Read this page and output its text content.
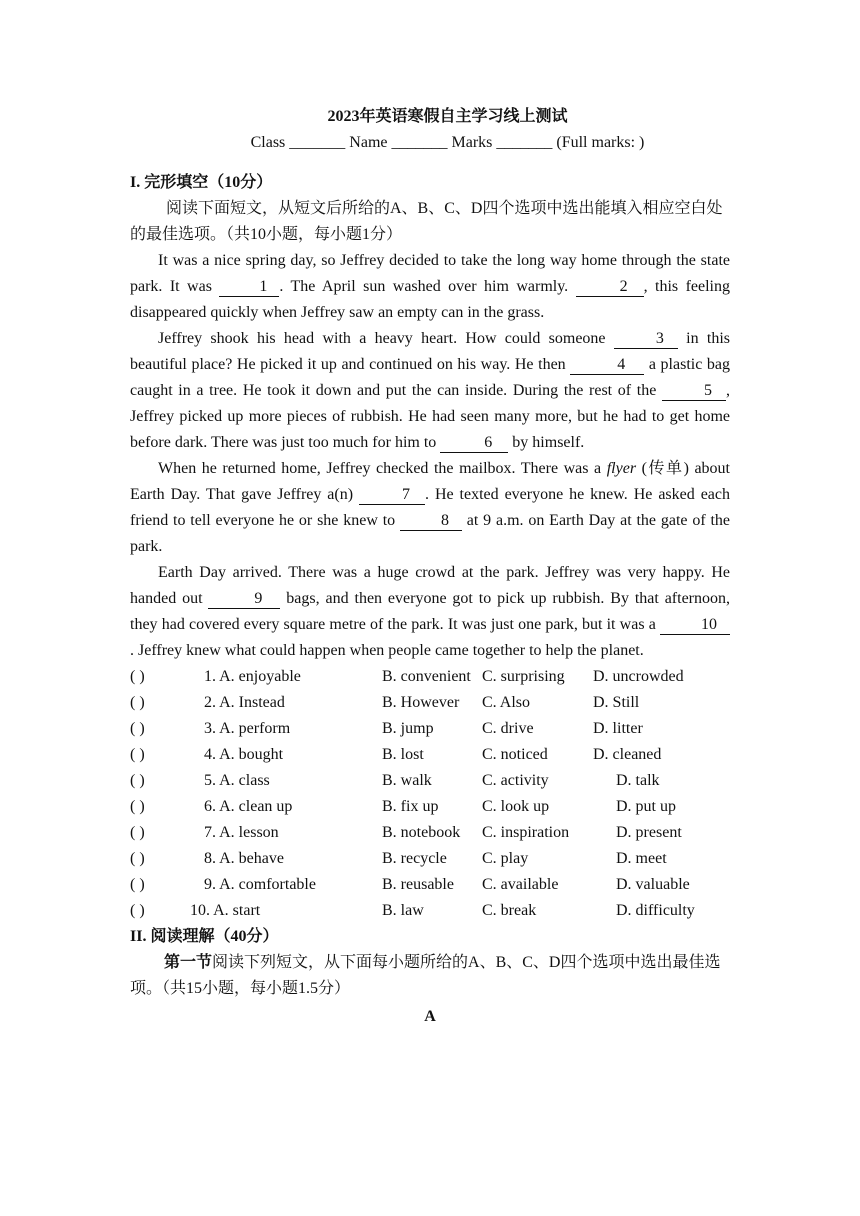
2023年英语寒假自主学习线上测试
Class _______ Name _______ Marks _______ (Full marks: )
I. 完形填空（10分）

阅读下面短文，从短文后所给的A、B、C、D四个选项中选出能填入相应空白处的最佳选项。（共10小题，每小题1分）

It was a nice spring day, so Jeffrey decided to take the long way home through the state park. It was	1 . The April sun washed over him warmly.	2 , this feeling disappeared quickly when Jeffrey saw an empty can in the grass.

Jeffrey shook his head with a heavy heart. How could someone	3 in this beautiful place? He picked it up and continued on his way. He then	4 a plastic bag caught in a tree. He took it down and put the can inside. During the rest of the	5 , Jeffrey picked up more pieces of rubbish. He had seen many more, but he had to get home before dark. There was just too much for him to	6 by himself.

When he returned home, Jeffrey checked the mailbox. There was a flyer (传单) about Earth Day. That gave Jeffrey a(n)	7 . He texted everyone he knew. He asked each friend to tell everyone he or she knew to	8 at 9 a.m. on Earth Day at the gate of the park.

Earth Day arrived. There was a huge crowd at the park. Jeffrey was very happy. He handed out	9 bags, and then everyone got to pick up rubbish. By that afternoon, they had covered every square metre of the park. It was just one park, but it was a	10. Jeffrey knew what could happen when people came together to help the planet.

( )	1. A. enjoyable	B. convenient C. surprising	D. uncrowded
( )	2. A. Instead	B. However	C. Also	D. Still
( )	3. A. perform	B. jump	C. drive	D. litter
( )	4. A. bought	B. lost	C. noticed	D. cleaned
( )	5. A. class	B. walk	C. activity	D. talk
( )	6. A. clean up	B. fix up	C. look up	D. put up
( )	7. A. lesson	B. notebook	C. inspiration	D. present
( )	8. A. behave	B. recycle	C. play	D. meet
( )	9. A. comfortable	B. reusable	C. available	D. valuable
( )	10. A. start	B. law	C. break	D. difficulty
II. 阅读理解（40分）

第一节阅读下列短文，从下面每小题所给的A、B、C、D四个选项中选出最佳选项。（共15小题，每小题1.5分）

A
